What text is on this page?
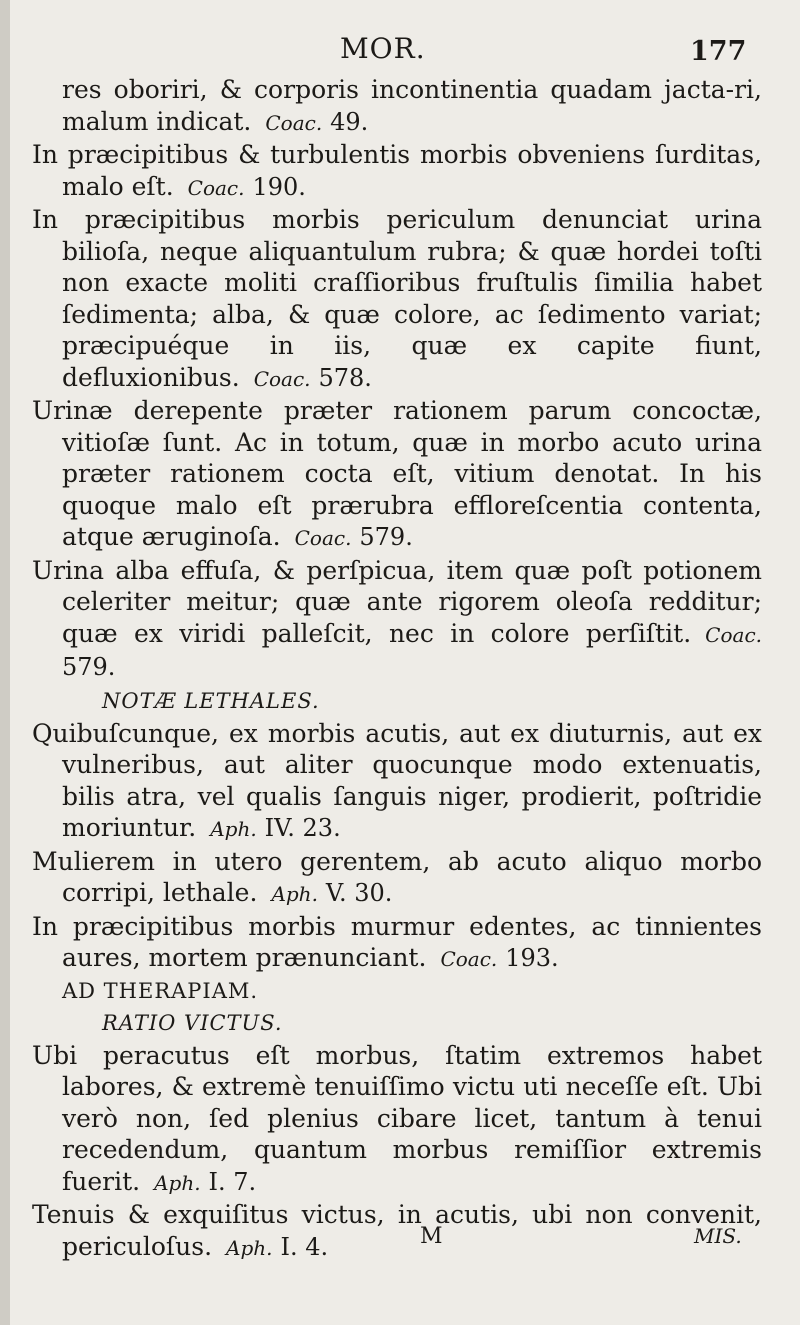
MOR.	177
res oboriri, & corporis incontinentia quadam jacta-ri, malum indicat. Coac. 49.
In præcipitibus & turbulentis morbis obveniens ſurditas, malo eſt. Coac. 190.
In præcipitibus morbis periculum denunciat urina bilioſa, neque aliquantulum rubra; & quæ hordei toſti non exacte moliti craſſioribus fruſtulis ſimilia habet ſedimenta; alba, & quæ colore, ac ſedimento variat; præcipuéque in iis, quæ ex capite fiunt, defluxionibus. Coac. 578.
Urinæ derepente præter rationem parum concoctæ, vitioſæ ſunt. Ac in totum, quæ in morbo acuto urina præter rationem cocta eſt, vitium denotat. In his quoque malo eſt prærubra effloreſcentia contenta, atque æruginoſa. Coac. 579.
Urina alba effuſa, & perſpicua, item quæ poſt potionem celeriter meitur; quæ ante rigorem oleoſa redditur; quæ ex viridi palleſcit, nec in colore perſiſtit. Coac. 579.
NOTÆ LETHALES.
Quibuſcunque, ex morbis acutis, aut ex diuturnis, aut ex vulneribus, aut aliter quocunque modo extenuatis, bilis atra, vel qualis ſanguis niger, prodierit, poſtridie moriuntur. Aph. IV. 23.
Mulierem in utero gerentem, ab acuto aliquo morbo corripi, lethale. Aph. V. 30.
In præcipitibus morbis murmur edentes, ac tinnientes aures, mortem prænunciant. Coac. 193.
AD THERAPIAM.
RATIO VICTUS.
Ubi peracutus eſt morbus, ſtatim extremos habet labores, & extremè tenuiſſimo victu uti neceſſe eſt. Ubi verò non, ſed plenius cibare licet, tantum à tenui recedendum, quantum morbus remiſſior extremis fuerit. Aph. I. 7.
Tenuis & exquiſitus victus, in acutis, ubi non convenit, periculoſus. Aph. I. 4.	M	MIS.
